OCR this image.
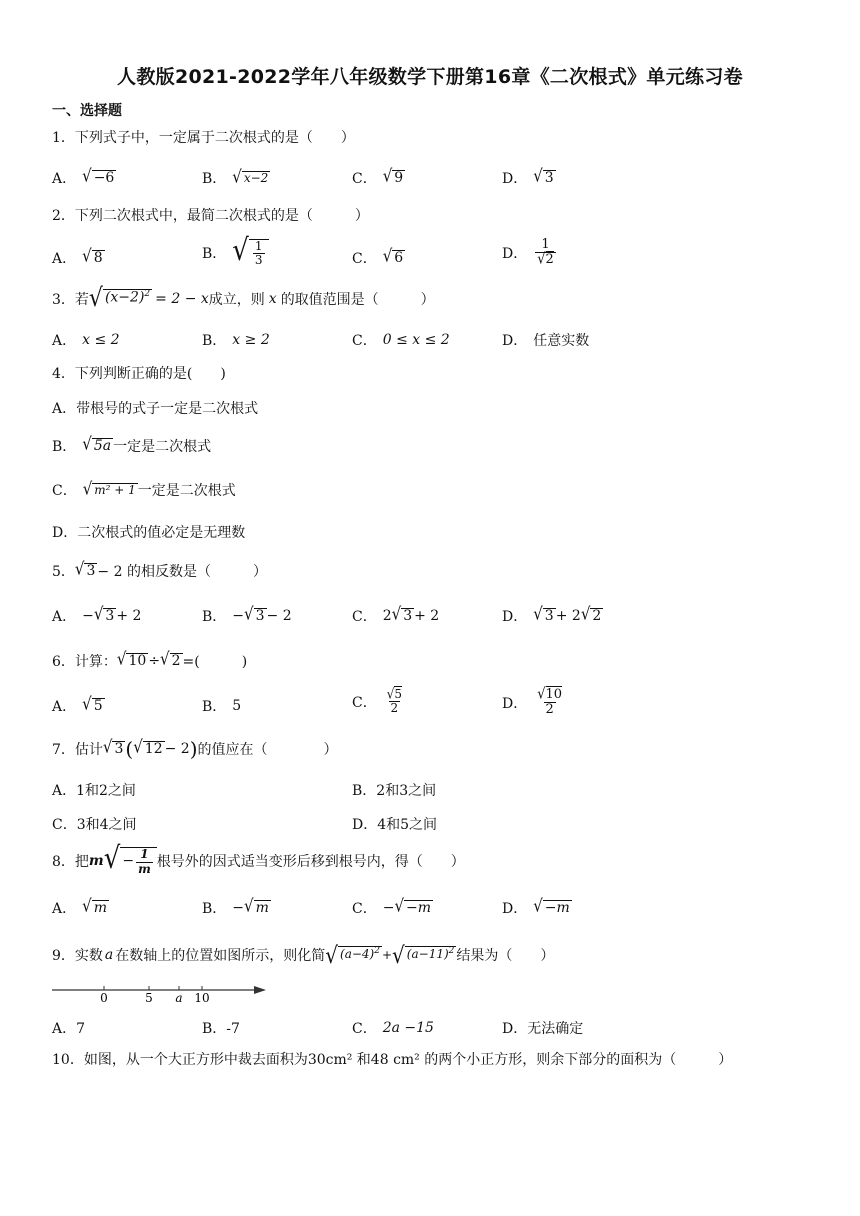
人教版2021-2022学年八年级数学下册第16章《二次根式》单元练习卷
一、选择题
1．下列式子中，一定属于二次根式的是（　　）
A． √ −6	B． √ x−2	C． √ 9	D． √ 3
2．下列二次根式中，最简二次根式的是（　　　）
A． √ 8	B． √ $\frac{1}{3}$	C． √ 6	D． $\frac{1}{√2}$
3．若 √ $(x-2)^2 = 2 - x$ 成立，则 x 的取值范围是（　　　）
A． x ≤ 2	B． x ≥ 2	C． 0 ≤ x ≤ 2	D． 任意实数
4．下列判断正确的是(　　)
A．带根号的式子一定是二次根式
B． √ 5a 一定是二次根式
C． √ m² + 1 一定是二次根式
D．二次根式的值必定是无理数
5． √ 3 − 2 的相反数是（　　　）
A． − √ 3 + 2	B． − √ 3 − 2	C． 2 √ 3 + 2	D． √ 3 + 2 √ 2
6．计算： √ 10 ÷ √ 2 =(　　　)
A． √ 5	B． 5	C． $\frac{√5}{2}$	D． $\frac{√10}{2}$
7．估计 √ 3 ( √ 12 − 2 ) 的值应在（　　　　）
A．1和2之间	B．2和3之间
C．3和4之间	D．4和5之间
8．把 m √ − $\frac{1}{m}$ 根号外的因式适当变形后移到根号内，得（　　）
A． √ m	B． − √ m	C． − √ −m	D． √ −m
9．实数 a 在数轴上的位置如图所示，则化简 √ $(a-4)^2$ + √ $(a-11)^2$ 结果为（　　）
0	5 a 10
A．7	B．-7	C． 2a −15	D．无法确定
10．如图，从一个大正方形中裁去面积为30cm² 和48 cm² 的两个小正方形，则余下部分的面积为（　　　）
